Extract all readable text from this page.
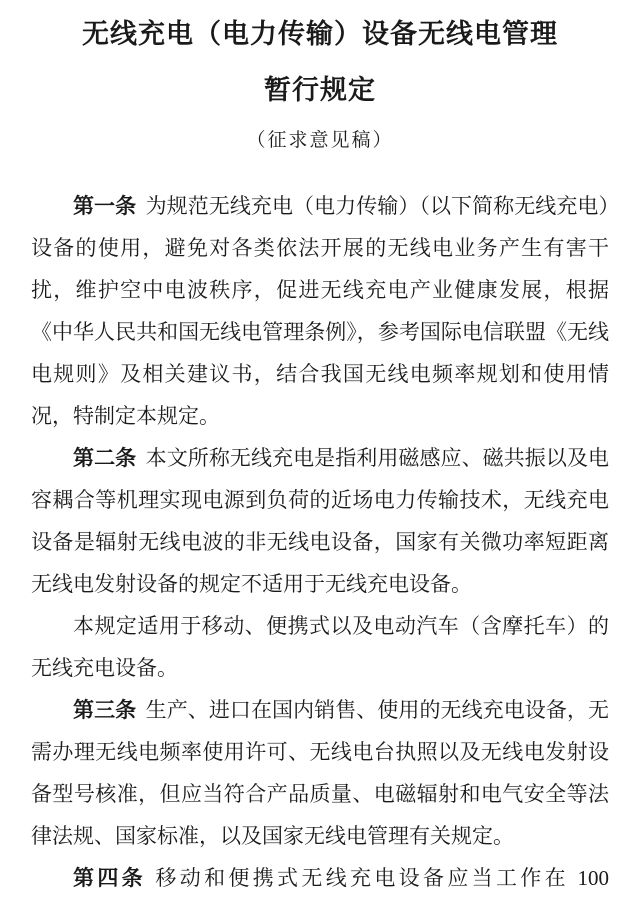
无线充电（电力传输）设备无线电管理
暂行规定
（征求意见稿）

第一条 为规范无线充电（电力传输）（以下简称无线充电）设备的使用，避免对各类依法开展的无线电业务产生有害干扰，维护空中电波秩序，促进无线充电产业健康发展，根据《中华人民共和国无线电管理条例》，参考国际电信联盟《无线电规则》及相关建议书，结合我国无线电频率规划和使用情况，特制定本规定。

第二条 本文所称无线充电是指利用磁感应、磁共振以及电容耦合等机理实现电源到负荷的近场电力传输技术，无线充电设备是辐射无线电波的非无线电设备，国家有关微功率短距离无线电发射设备的规定不适用于无线充电设备。

本规定适用于移动、便携式以及电动汽车（含摩托车）的无线充电设备。

第三条 生产、进口在国内销售、使用的无线充电设备，无需办理无线电频率使用许可、无线电台执照以及无线电发射设备型号核准，但应当符合产品质量、电磁辐射和电气安全等法律法规、国家标准，以及国家无线电管理有关规定。

第四条 移动和便携式无线充电设备应当工作在 100
